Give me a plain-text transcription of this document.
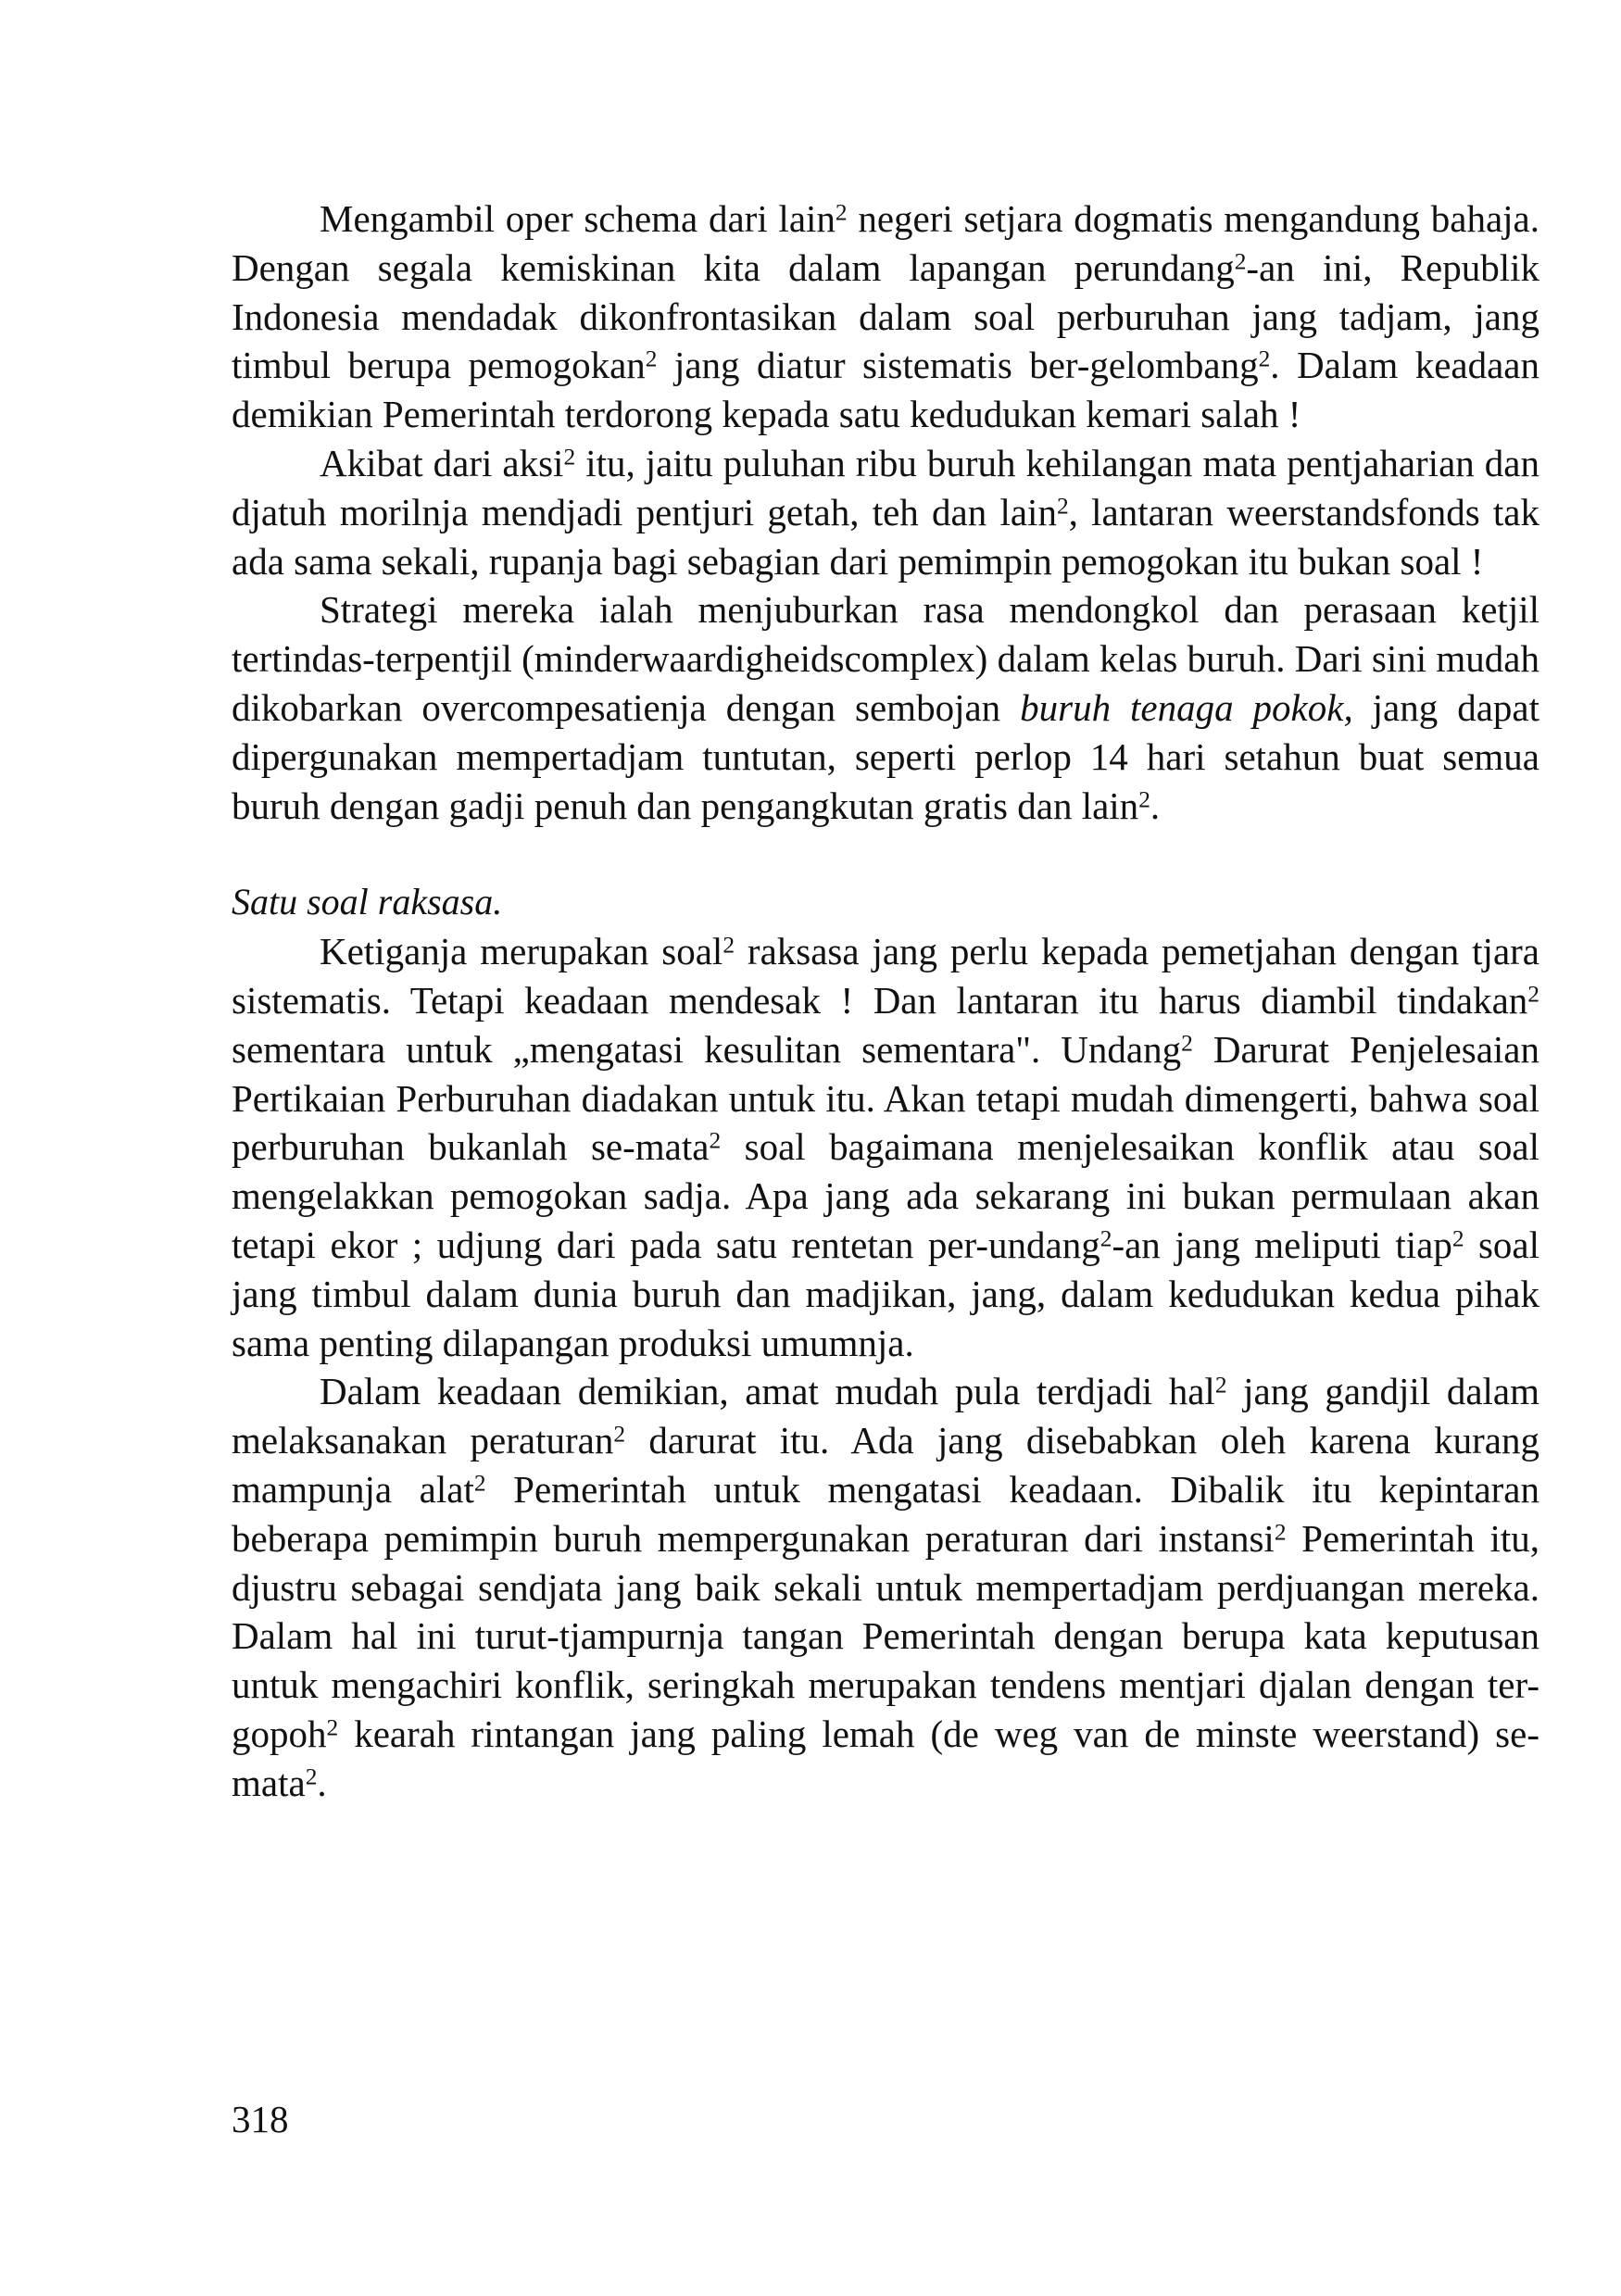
Mengambil oper schema dari lain$^2$ negeri setjara dogmatis mengandung bahaja. Dengan segala kemiskinan kita dalam lapangan perundang$^2$-an ini, Republik Indonesia mendadak dikonfrontasikan dalam soal perburuhan jang tadjam, jang timbul berupa pemogokan$^2$ jang diatur sistematis ber-gelombang$^2$. Dalam keadaan demikian Pemerintah terdorong kepada satu kedudukan kemari salah !

Akibat dari aksi$^2$ itu, jaitu puluhan ribu buruh kehilangan mata pentjaharian dan djatuh morilnja mendjadi pentjuri getah, teh dan lain$^2$, lantaran weerstandsfonds tak ada sama sekali, rupanja bagi sebagian dari pemimpin pemogokan itu bukan soal !

Strategi mereka ialah menjuburkan rasa mendongkol dan perasaan ketjil tertindas-terpentjil (minderwaardigheidscomplex) dalam kelas buruh. Dari sini mudah dikobarkan overcompesatienja dengan sembojan buruh tenaga pokok, jang dapat dipergunakan mempertadjam tuntutan, seperti perlop 14 hari setahun buat semua buruh dengan gadji penuh dan pengangkutan gratis dan lain$^2$.

Satu soal raksasa.

Ketiganja merupakan soal$^2$ raksasa jang perlu kepada pemetjahan dengan tjara sistematis. Tetapi keadaan mendesak ! Dan lantaran itu harus diambil tindakan$^2$ sementara untuk „mengatasi kesulitan sementara". Undang$^2$ Darurat Penjelesaian Pertikaian Perburuhan diadakan untuk itu. Akan tetapi mudah dimengerti, bahwa soal perburuhan bukanlah se-mata$^2$ soal bagaimana menjelesaikan konflik atau soal mengelakkan pemogokan sadja. Apa jang ada sekarang ini bukan permulaan akan tetapi ekor ; udjung dari pada satu rentetan per-undang$^2$-an jang meliputi tiap$^2$ soal jang timbul dalam dunia buruh dan madjikan, jang, dalam kedudukan kedua pihak sama penting dilapangan produksi umumnja.

Dalam keadaan demikian, amat mudah pula terdjadi hal$^2$ jang gandjil dalam melaksanakan peraturan$^2$ darurat itu. Ada jang disebabkan oleh karena kurang mampunja alat$^2$ Pemerintah untuk mengatasi keadaan. Dibalik itu kepintaran beberapa pemimpin buruh mempergunakan peraturan dari instansi$^2$ Pemerintah itu, djustru sebagai sendjata jang baik sekali untuk mempertadjam perdjuangan mereka. Dalam hal ini turut-tjampurnja tangan Pemerintah dengan berupa kata keputusan untuk mengachiri konflik, seringkah merupakan tendens mentjari djalan dengan ter-gopoh$^2$ kearah rintangan jang paling lemah (de weg van de minste weerstand) se-mata$^2$.

318
